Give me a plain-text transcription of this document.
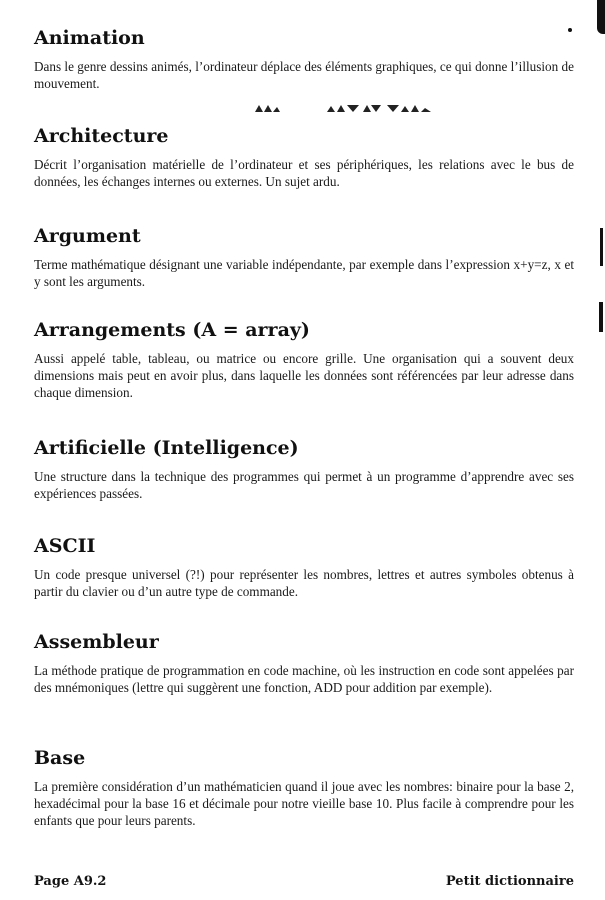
Animation

Dans le genre dessins animés, l’ordinateur déplace des éléments graphiques, ce qui donne l’illusion de mouvement.

Architecture

Décrit l’organisation matérielle de l’ordinateur et ses périphériques, les relations avec le bus de données, les échanges internes ou externes. Un sujet ardu.

Argument

Terme mathématique désignant une variable indépendante, par exemple dans l’expression x+y=z, x et y sont les arguments.

Arrangements (A = array)

Aussi appelé table, tableau, ou matrice ou encore grille. Une organisation qui a souvent deux dimensions mais peut en avoir plus, dans laquelle les données sont référencées par leur adresse dans chaque dimension.

Artificielle (Intelligence)

Une structure dans la technique des programmes qui permet à un programme d’apprendre avec ses expériences passées.

ASCII

Un code presque universel (?!) pour représenter les nombres, lettres et autres symboles obtenus à partir du clavier ou d’un autre type de commande.

Assembleur

La méthode pratique de programmation en code machine, où les instruction en code sont appelées par des mnémoniques (lettre qui suggèrent une fonction, ADD pour addition par exemple).

Base

La première considération d’un mathématicien quand il joue avec les nombres: binaire pour la base 2, hexadécimal pour la base 16 et décimale pour notre vieille base 10. Plus facile à comprendre pour les enfants que pour leurs parents.

Page A9.2	Petit dictionnaire
